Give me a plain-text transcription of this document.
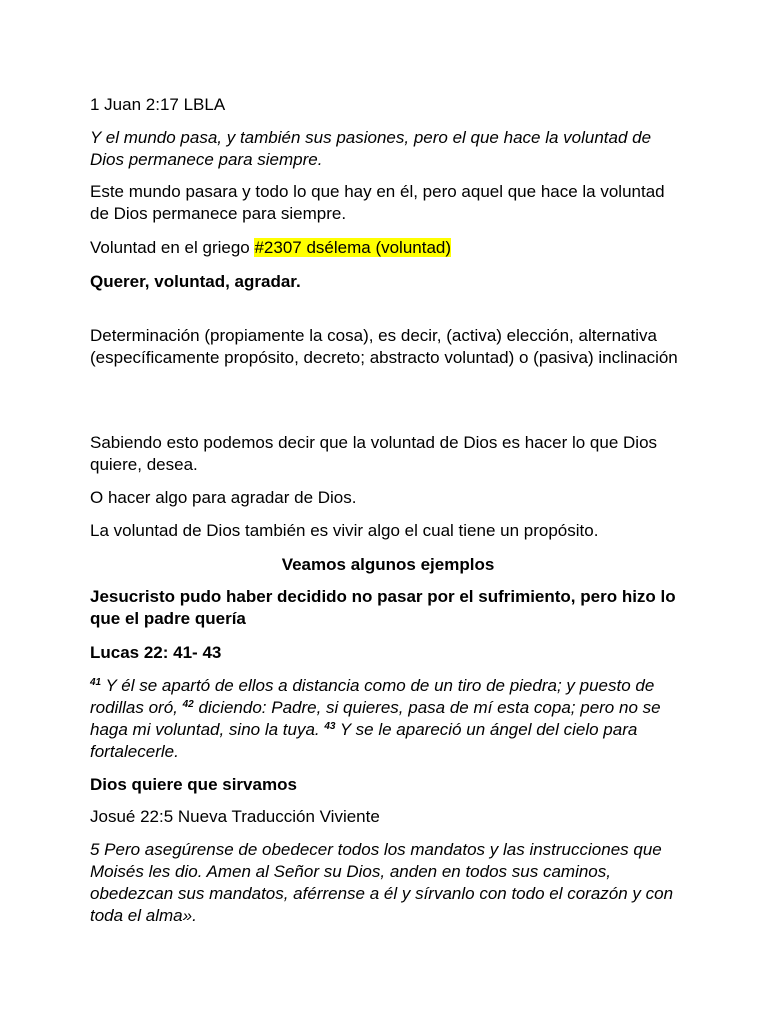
1 Juan 2:17 LBLA

Y el mundo pasa, y también sus pasiones, pero el que hace la voluntad de Dios permanece para siempre.

Este mundo pasara y todo lo que hay en él, pero aquel que hace la voluntad de Dios permanece para siempre.

Voluntad en el griego #2307 dsélema (voluntad)

Querer, voluntad, agradar.

Determinación (propiamente la cosa), es decir, (activa) elección, alternativa (específicamente propósito, decreto; abstracto voluntad) o (pasiva) inclinación

Sabiendo esto podemos decir que la voluntad de Dios es hacer lo que Dios quiere, desea.

O hacer algo para agradar de Dios.

La voluntad de Dios también es vivir algo el cual tiene un propósito.

Veamos algunos ejemplos

Jesucristo pudo haber decidido no pasar por el sufrimiento, pero hizo lo que el padre quería

Lucas 22: 41- 43

$^{41}$ Y él se apartó de ellos a distancia como de un tiro de piedra; y puesto de rodillas oró, $^{42}$ diciendo: Padre, si quieres, pasa de mí esta copa; pero no se haga mi voluntad, sino la tuya. $^{43}$ Y se le apareció un ángel del cielo para fortalecerle.

Dios quiere que sirvamos

Josué 22:5 Nueva Traducción Viviente

5 Pero asegúrense de obedecer todos los mandatos y las instrucciones que Moisés les dio. Amen al Señor su Dios, anden en todos sus caminos, obedezcan sus mandatos, aférrense a él y sírvanlo con todo el corazón y con toda el alma».
